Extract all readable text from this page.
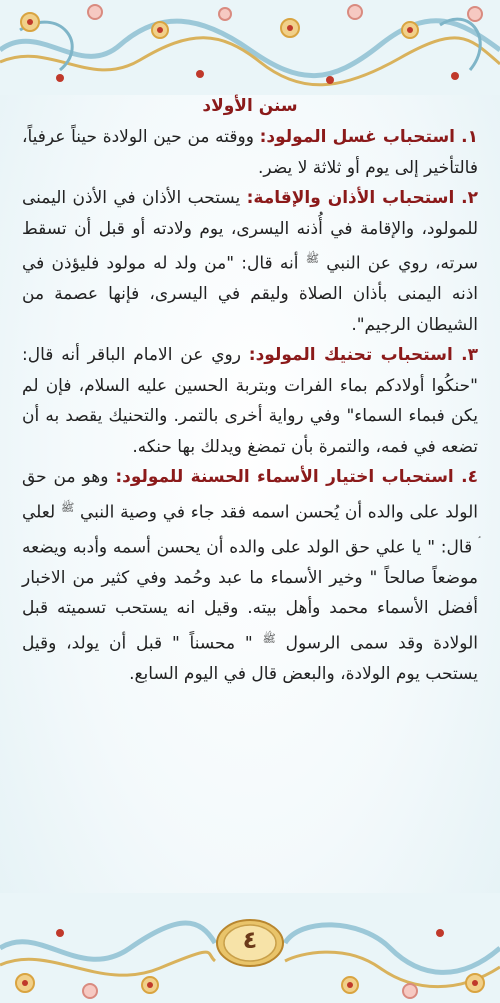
سنن الأولاد

١. استحباب غسل المولود: ووقته من حين الولادة حيناً عرفياً، فالتأخير إلى يوم أو ثلاثة لا يضر.

٢. استحباب الأذان والإقامة: يستحب الأذان في الأذن اليمنى للمولود، والإقامة في أُذنه اليسرى، يوم ولادته أو قبل أن تسقط سرته، روي عن النبي $^ﷺ$ أنه قال: "من ولد له مولود فليؤذن في اذنه اليمنى بأذان الصلاة وليقم في اليسرى، فإنها عصمة من الشيطان الرجيم".

٣. استحباب تحنيك المولود: روي عن الامام الباقر أنه قال: "حنكُوا أولادكم بماء الفرات وبتربة الحسين عليه السلام، فإن لم يكن فبماء السماء" وفي رواية أخرى بالتمر. والتحنيك يقصد به أن تضعه في فمه، والتمرة بأن تمضغ ويدلك بها حنكه.

٤. استحباب اختيار الأسماء الحسنة للمولود: وهو من حق الولد على والده أن يُحسن اسمه فقد جاء في وصية النبي $^ﷺ$ لعلي قال: " يا علي حق الولد على والده أن يحسن أسمه وأدبه ويضعه موضعاً صالحاً " وخير الأسماء ما عبد وحُمد وفي كثير من الاخبار أفضل الأسماء محمد وأهل بيته. وقيل انه يستحب تسميته قبل الولادة وقد سمى الرسول $^ﷺ$ " محسناً " قبل أن يولد، وقيل يستحب يوم الولادة، والبعض قال في اليوم السابع.

٤
